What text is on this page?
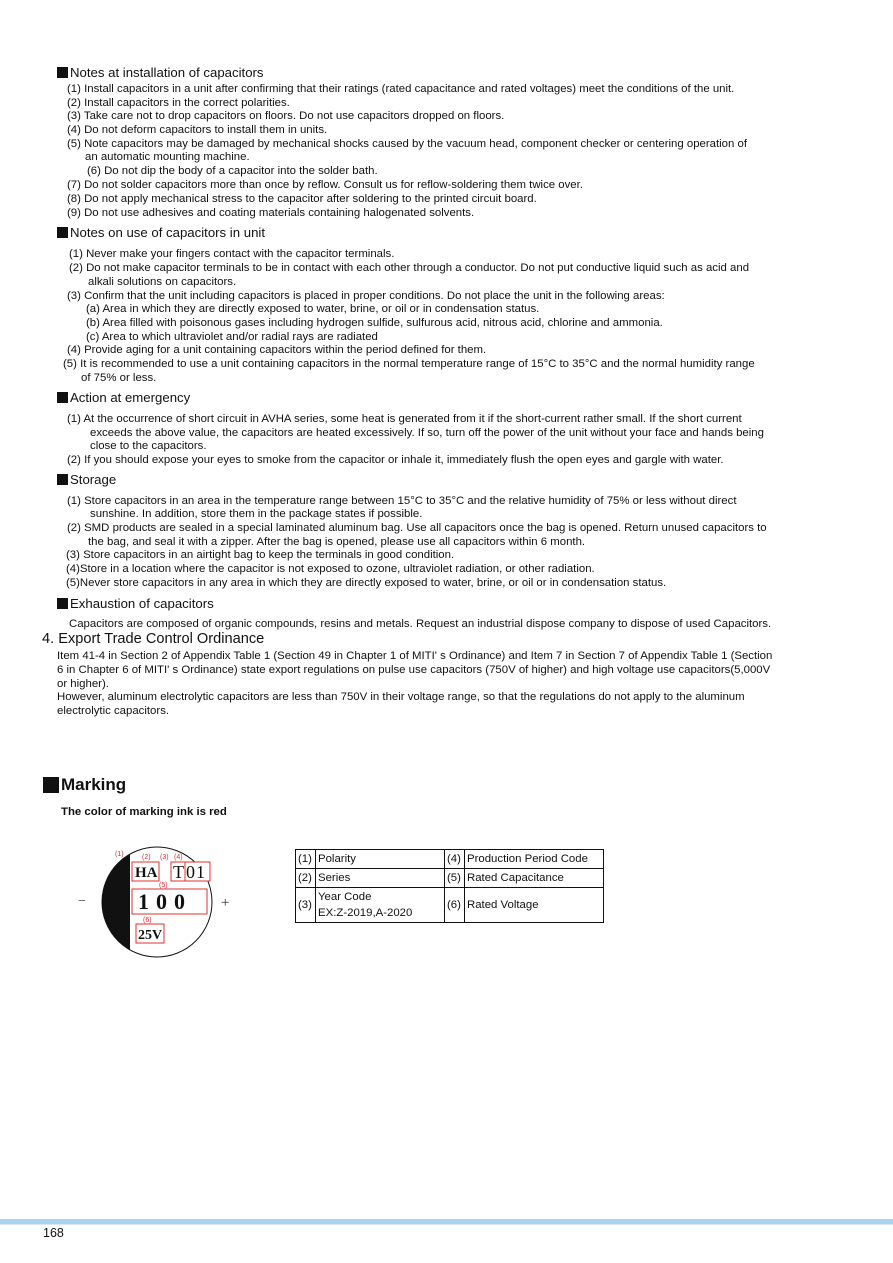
Notes at installation of capacitors
(1) Install capacitors in a unit after confirming that their ratings (rated capacitance and rated voltages) meet the conditions of the unit.
(2) Install capacitors in the correct polarities.
(3) Take care not to drop capacitors on floors. Do not use capacitors dropped on floors.
(4) Do not deform capacitors to install them in units.
(5) Note capacitors may be damaged by mechanical shocks caused by the vacuum head, component checker or centering operation of
an automatic mounting machine.
(6) Do not dip the body of a capacitor into the solder bath.
(7) Do not solder capacitors more than once by reflow. Consult us for reflow-soldering them twice over.
(8) Do not apply mechanical stress to the capacitor after soldering to the printed circuit board.
(9) Do not use adhesives and coating materials containing halogenated solvents.
Notes on use of capacitors in unit
(1) Never make your fingers contact with the capacitor terminals.
(2) Do not make capacitor terminals to be in contact with each other through a conductor. Do not put conductive liquid such as acid and
alkali solutions on capacitors.
(3) Confirm that the unit including capacitors is placed in proper conditions. Do not place the unit in the following areas:
(a) Area in which they are directly exposed to water, brine, or oil or in condensation status.
(b) Area filled with poisonous gases including hydrogen sulfide, sulfurous acid, nitrous acid, chlorine and ammonia.
(c) Area to which ultraviolet and/or radial rays are radiated
(4) Provide aging for a unit containing capacitors within the period defined for them.
(5) It is recommended to use a unit containing capacitors in the normal temperature range of 15°C to 35°C and the normal humidity range
of 75% or less.
Action at emergency
(1) At the occurrence of short circuit in AVHA series, some heat is generated from it if the short-current rather small. If the short current
exceeds the above value, the capacitors are heated excessively. If so, turn off the power of the unit without your face and hands being
close to the capacitors.
(2) If you should expose your eyes to smoke from the capacitor or inhale it, immediately flush the open eyes and gargle with water.
Storage
(1) Store capacitors in an area in the temperature range between 15°C to 35°C and the relative humidity of 75% or less without direct
sunshine. In addition, store them in the package states if possible.
(2) SMD products are sealed in a special laminated aluminum bag. Use all capacitors once the bag is opened. Return unused capacitors to
the bag, and seal it with a zipper. After the bag is opened, please use all capacitors within 6 month.
(3) Store capacitors in an airtight bag to keep the terminals in good condition.
(4)Store in a location where the capacitor is not exposed to ozone, ultraviolet radiation, or other radiation.
(5)Never store capacitors in any area in which they are directly exposed to water, brine, or oil or in condensation status.
Exhaustion of capacitors
Capacitors are composed of organic compounds, resins and metals. Request an industrial dispose company to dispose of used Capacitors.
4. Export Trade Control Ordinance
Item 41-4 in Section 2 of Appendix Table 1 (Section 49 in Chapter 1 of MITI' s Ordinance) and Item 7 in Section 7 of Appendix Table 1 (Section
6 in Chapter 6 of MITI' s Ordinance) state export regulations on pulse use capacitors (750V of higher) and high voltage use capacitors(5,000V
or higher).
However, aluminum electrolytic capacitors are less than 750V in their voltage range, so that the regulations do not apply to the aluminum
electrolytic capacitors.
Marking
The color of marking ink is red
−
HA T 01
100
25V
(1)	(2) (3) (4)
(5)
(6)
+
(1)	Polarity	(4)	Production Period Code
(2)	Series	(5)	Rated Capacitance
(3)	Year Code
EX:Z-2019,A-2020	(6)	Rated Voltage
168
